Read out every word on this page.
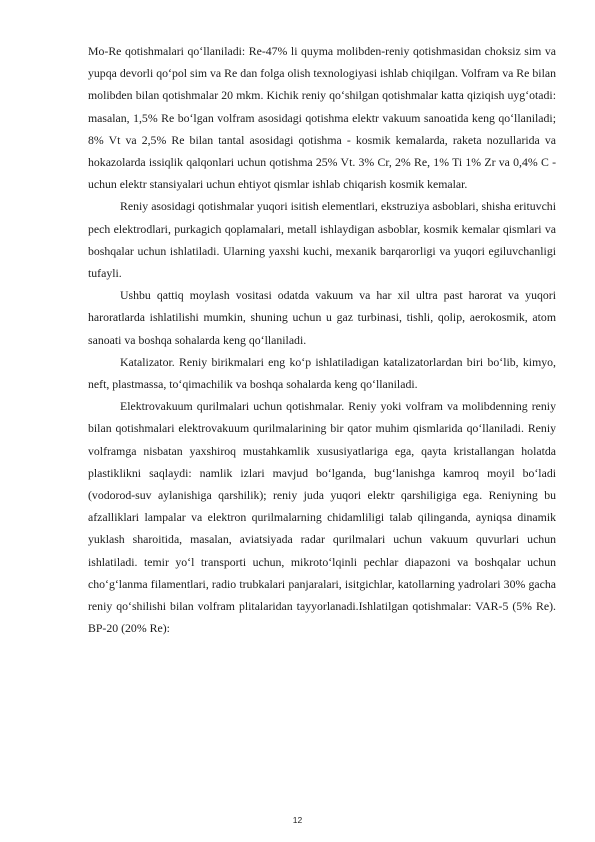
Mo-Re qotishmalari qo‘llaniladi: Re-47% li quyma molibden-reniy qotishmasidan choksiz sim va yupqa devorli qo‘pol sim va Re dan folga olish texnologiyasi ishlab chiqilgan. Volfram va Re bilan molibden bilan qotishmalar 20 mkm. Kichik reniy qo‘shilgan qotishmalar katta qiziqish uyg‘otadi: masalan, 1,5% Re bo‘lgan volfram asosidagi qotishma elektr vakuum sanoatida keng qo‘llaniladi; 8% Vt va 2,5% Re bilan tantal asosidagi qotishma - kosmik kemalarda, raketa nozullarida va hokazolarda issiqlik qalqonlari uchun qotishma 25% Vt. 3% Cr, 2% Re, 1% Ti 1% Zr va 0,4% C - uchun elektr stansiyalari uchun ehtiyot qismlar ishlab chiqarish kosmik kemalar.

Reniy asosidagi qotishmalar yuqori isitish elementlari, ekstruziya asboblari, shisha erituvchi pech elektrodlari, purkagich qoplamalari, metall ishlaydigan asboblar, kosmik kemalar qismlari va boshqalar uchun ishlatiladi. Ularning yaxshi kuchi, mexanik barqarorligi va yuqori egiluvchanligi tufayli.

Ushbu qattiq moylash vositasi odatda vakuum va har xil ultra past harorat va yuqori haroratlarda ishlatilishi mumkin, shuning uchun u gaz turbinasi, tishli, qolip, aerokosmik, atom sanoati va boshqa sohalarda keng qo‘llaniladi.

Katalizator. Reniy birikmalari eng ko‘p ishlatiladigan katalizatorlardan biri bo‘lib, kimyo, neft, plastmassa, to‘qimachilik va boshqa sohalarda keng qo‘llaniladi.

Elektrovakuum qurilmalari uchun qotishmalar. Reniy yoki volfram va molibdenning reniy bilan qotishmalari elektrovakuum qurilmalarining bir qator muhim qismlarida qo‘llaniladi. Reniy volframga nisbatan yaxshiroq mustahkamlik xususiyatlariga ega, qayta kristallangan holatda plastiklikni saqlaydi: namlik izlari mavjud bo‘lganda, bug‘lanishga kamroq moyil bo‘ladi (vodorod-suv aylanishiga qarshilik); reniy juda yuqori elektr qarshiligiga ega. Reniyning bu afzalliklari lampalar va elektron qurilmalarning chidamliligi talab qilinganda, ayniqsa dinamik yuklash sharoitida, masalan, aviatsiyada radar qurilmalari uchun vakuum quvurlari uchun ishlatiladi. temir yo‘l transporti uchun, mikroto‘lqinli pechlar diapazoni va boshqalar uchun cho‘g‘lanma filamentlari, radio trubkalari panjaralari, isitgichlar, katollarning yadrolari 30% gacha reniy qo‘shilishi bilan volfram plitalaridan tayyorlanadi.Ishlatilgan qotishmalar: VAR-5 (5% Re). BP-20 (20% Re):

12
